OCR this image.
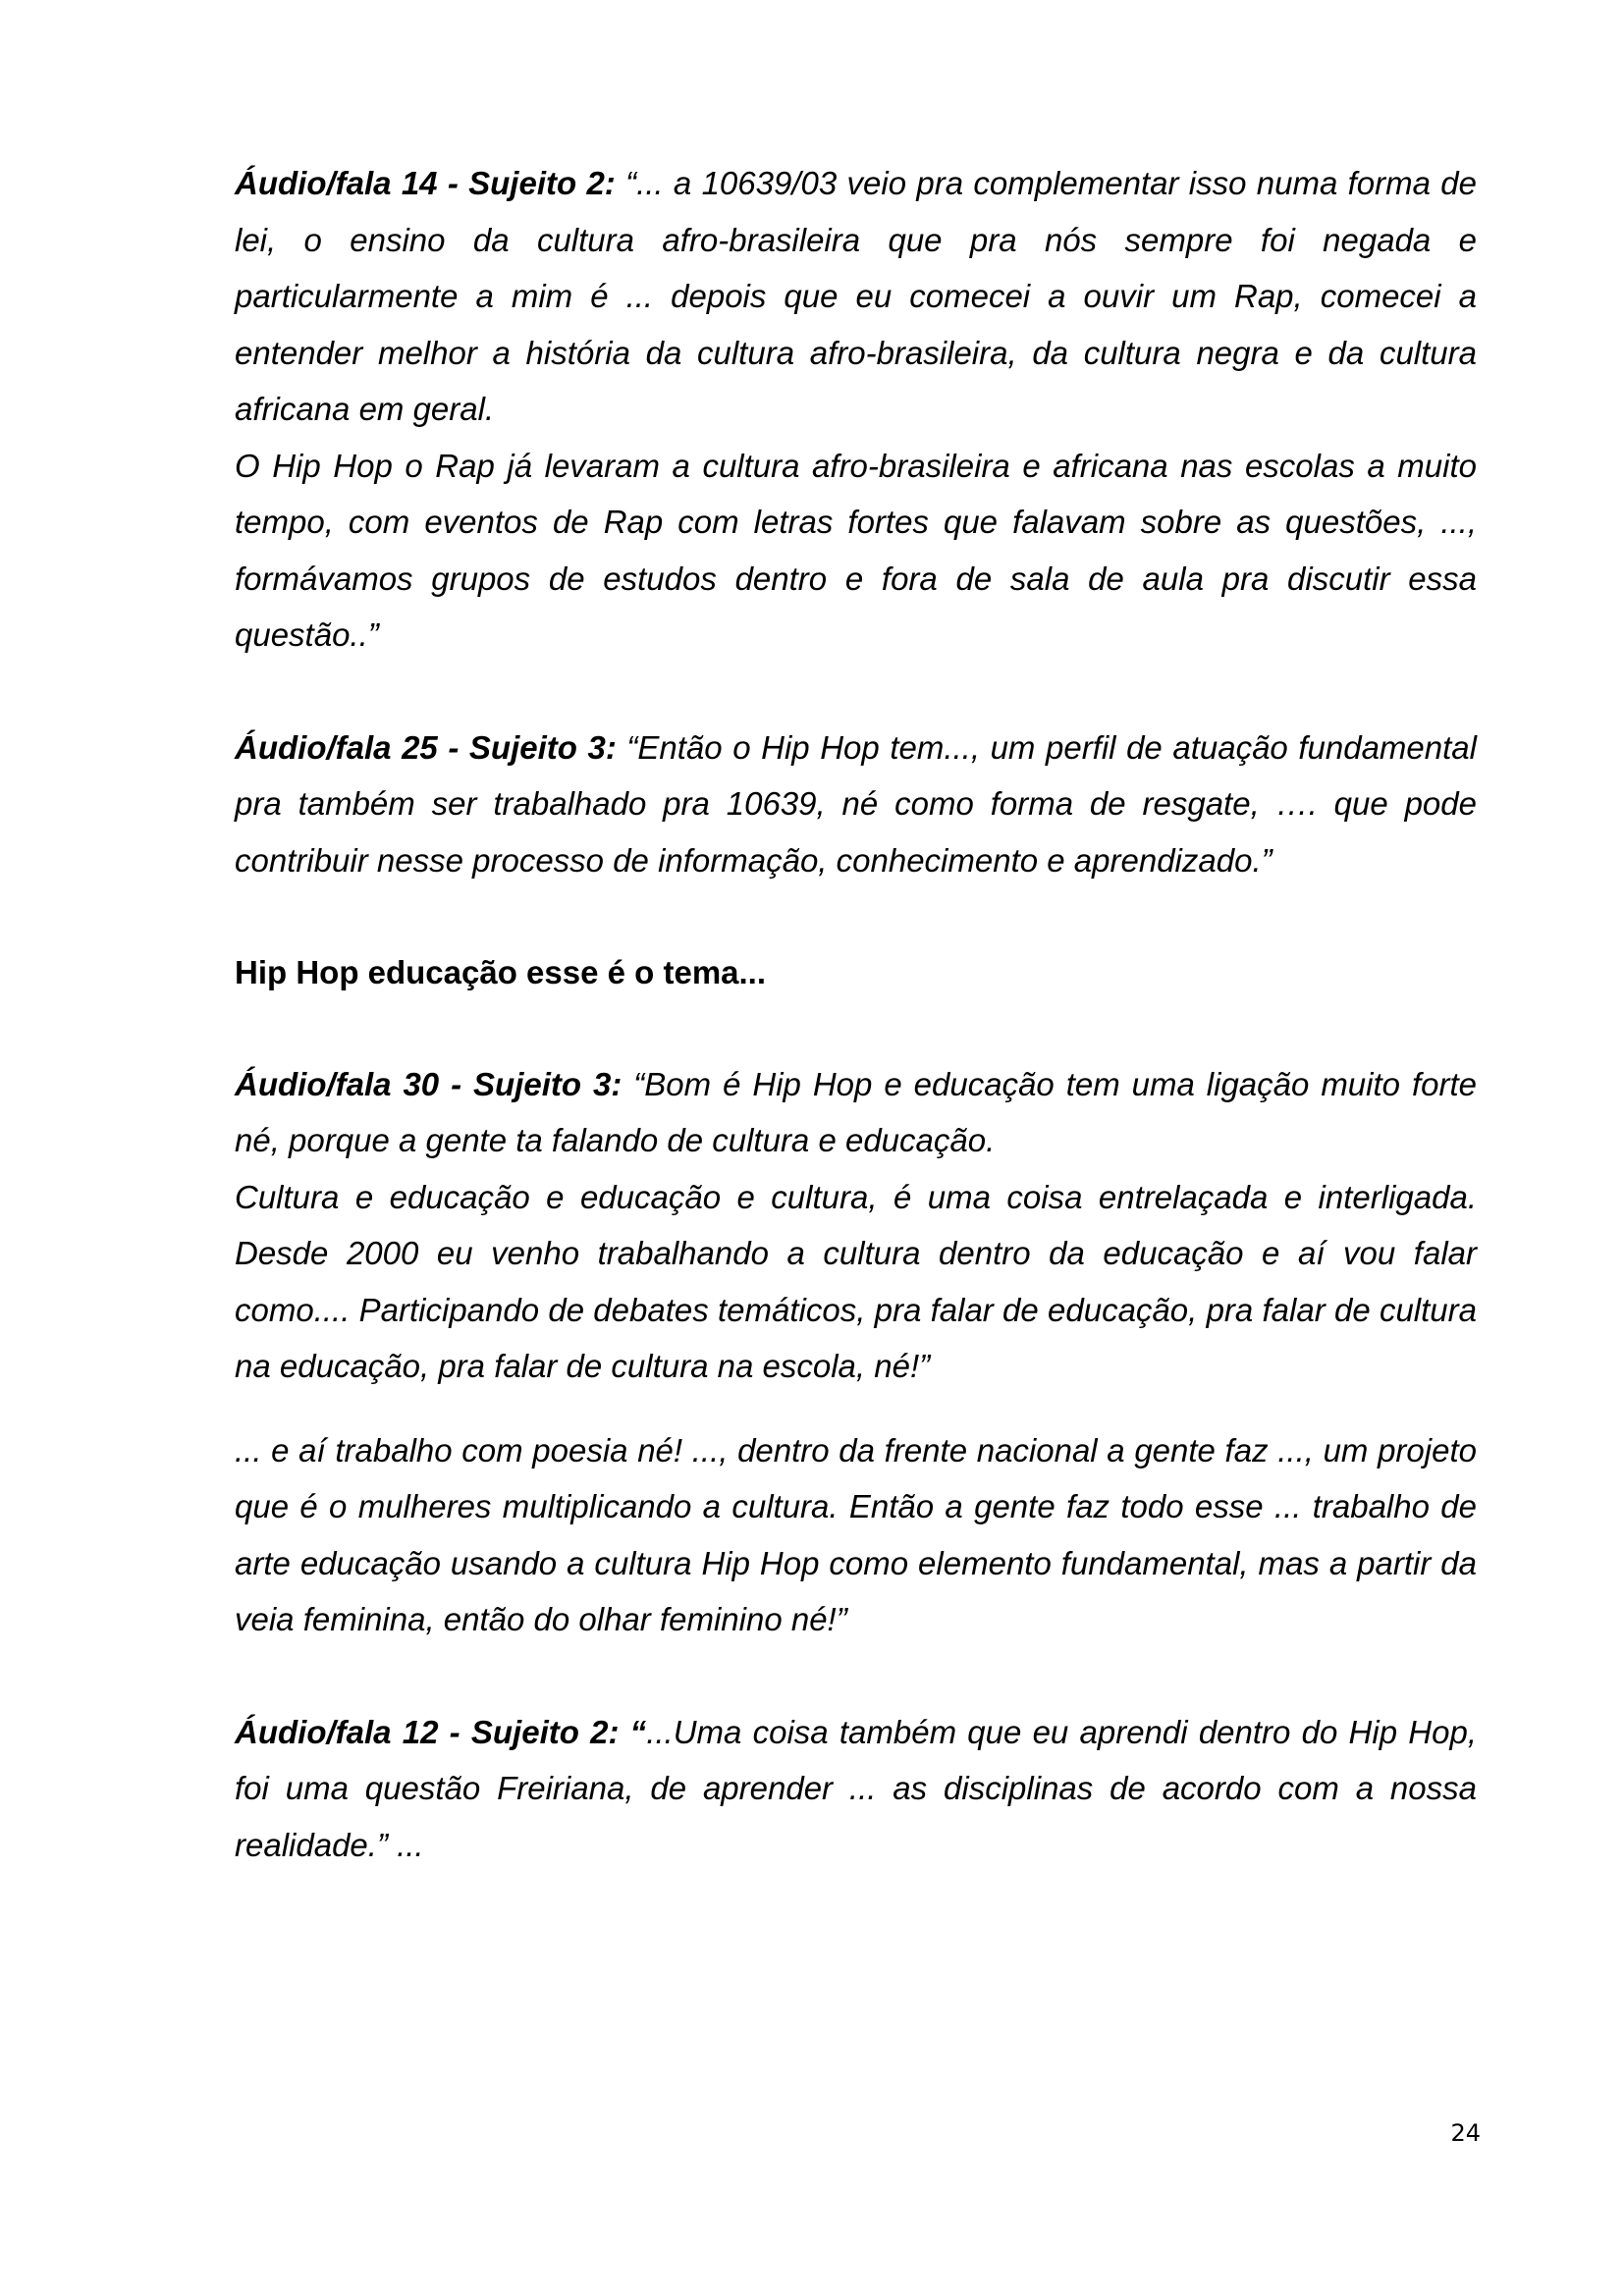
Áudio/fala 14 - Sujeito 2: “... a 10639/03 veio pra complementar isso numa forma de lei, o ensino da cultura afro-brasileira que pra nós sempre foi negada e particularmente a mim é ... depois que eu comecei a ouvir um Rap, comecei a entender melhor a história da cultura afro-brasileira, da cultura negra e da cultura africana em geral.

O Hip Hop o Rap já levaram a cultura afro-brasileira e africana nas escolas a muito tempo, com eventos de Rap com letras fortes que falavam sobre as questões, ..., formávamos grupos de estudos dentro e fora de sala de aula pra discutir essa questão..”

Áudio/fala 25 - Sujeito 3: “Então o Hip Hop tem..., um perfil de atuação fundamental pra também ser trabalhado pra 10639, né como forma de resgate, …. que pode contribuir nesse processo de informação, conhecimento e aprendizado.”

Hip Hop educação esse é o tema...

Áudio/fala 30 - Sujeito 3: “Bom é Hip Hop e educação tem uma ligação muito forte né, porque a gente ta falando de cultura e educação.

Cultura e educação e educação e cultura, é uma coisa entrelaçada e interligada. Desde 2000 eu venho trabalhando a cultura dentro da educação e aí vou falar como.... Participando de debates temáticos, pra falar de educação, pra falar de cultura na educação, pra falar de cultura na escola, né!”

... e aí trabalho com poesia né! ..., dentro da frente nacional a gente faz ..., um projeto que é o mulheres multiplicando a cultura. Então a gente faz todo esse ... trabalho de arte educação usando a cultura Hip Hop como elemento fundamental, mas a partir da veia feminina, então do olhar feminino né!”

Áudio/fala 12 - Sujeito 2: “...Uma coisa também que eu aprendi dentro do Hip Hop, foi uma questão Freiriana, de aprender ... as disciplinas de acordo com a nossa realidade.” ...

24
